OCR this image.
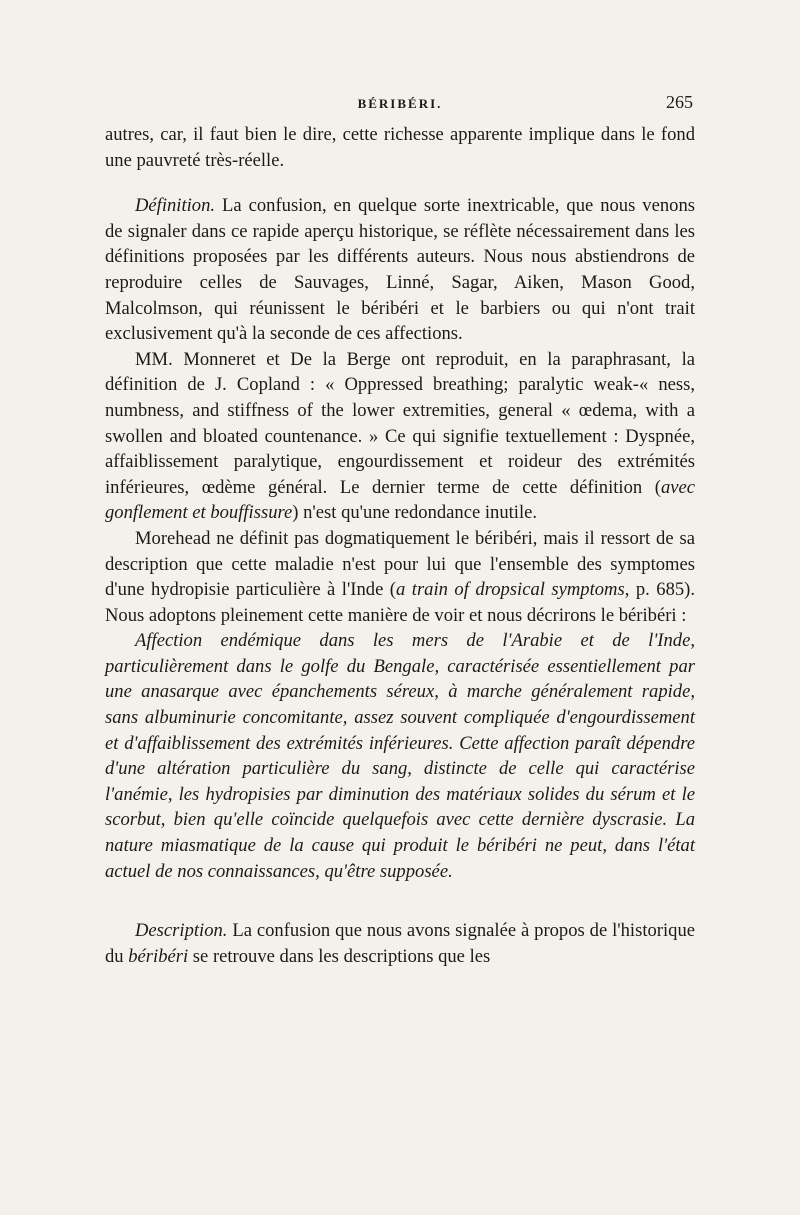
BÉRIBÉRI.	265

autres, car, il faut bien le dire, cette richesse apparente implique dans le fond une pauvreté très-réelle.

Définition. La confusion, en quelque sorte inextricable, que nous venons de signaler dans ce rapide aperçu historique, se réflète nécessairement dans les définitions proposées par les différents auteurs. Nous nous abstiendrons de reproduire celles de Sauvages, Linné, Sagar, Aiken, Mason Good, Malcolmson, qui réunissent le béribéri et le barbiers ou qui n'ont trait exclusivement qu'à la seconde de ces affections.

MM. Monneret et De la Berge ont reproduit, en la paraphrasant, la définition de J. Copland : « Oppressed breathing; paralytic weak-« ness, numbness, and stiffness of the lower extremities, general « œdema, with a swollen and bloated countenance. » Ce qui signifie textuellement : Dyspnée, affaiblissement paralytique, engourdissement et roideur des extrémités inférieures, œdème général. Le dernier terme de cette définition (avec gonflement et bouffissure) n'est qu'une redondance inutile.

Morehead ne définit pas dogmatiquement le béribéri, mais il ressort de sa description que cette maladie n'est pour lui que l'ensemble des symptomes d'une hydropisie particulière à l'Inde (a train of dropsical symptoms, p. 685). Nous adoptons pleinement cette manière de voir et nous décrirons le béribéri :

Affection endémique dans les mers de l'Arabie et de l'Inde, particulièrement dans le golfe du Bengale, caractérisée essentiellement par une anasarque avec épanchements séreux, à marche généralement rapide, sans albuminurie concomitante, assez souvent compliquée d'engourdissement et d'affaiblissement des extrémités inférieures. Cette affection paraît dépendre d'une altération particulière du sang, distincte de celle qui caractérise l'anémie, les hydropisies par diminution des matériaux solides du sérum et le scorbut, bien qu'elle coïncide quelquefois avec cette dernière dyscrasie. La nature miasmatique de la cause qui produit le béribéri ne peut, dans l'état actuel de nos connaissances, qu'être supposée.

Description. La confusion que nous avons signalée à propos de l'historique du béribéri se retrouve dans les descriptions que les
